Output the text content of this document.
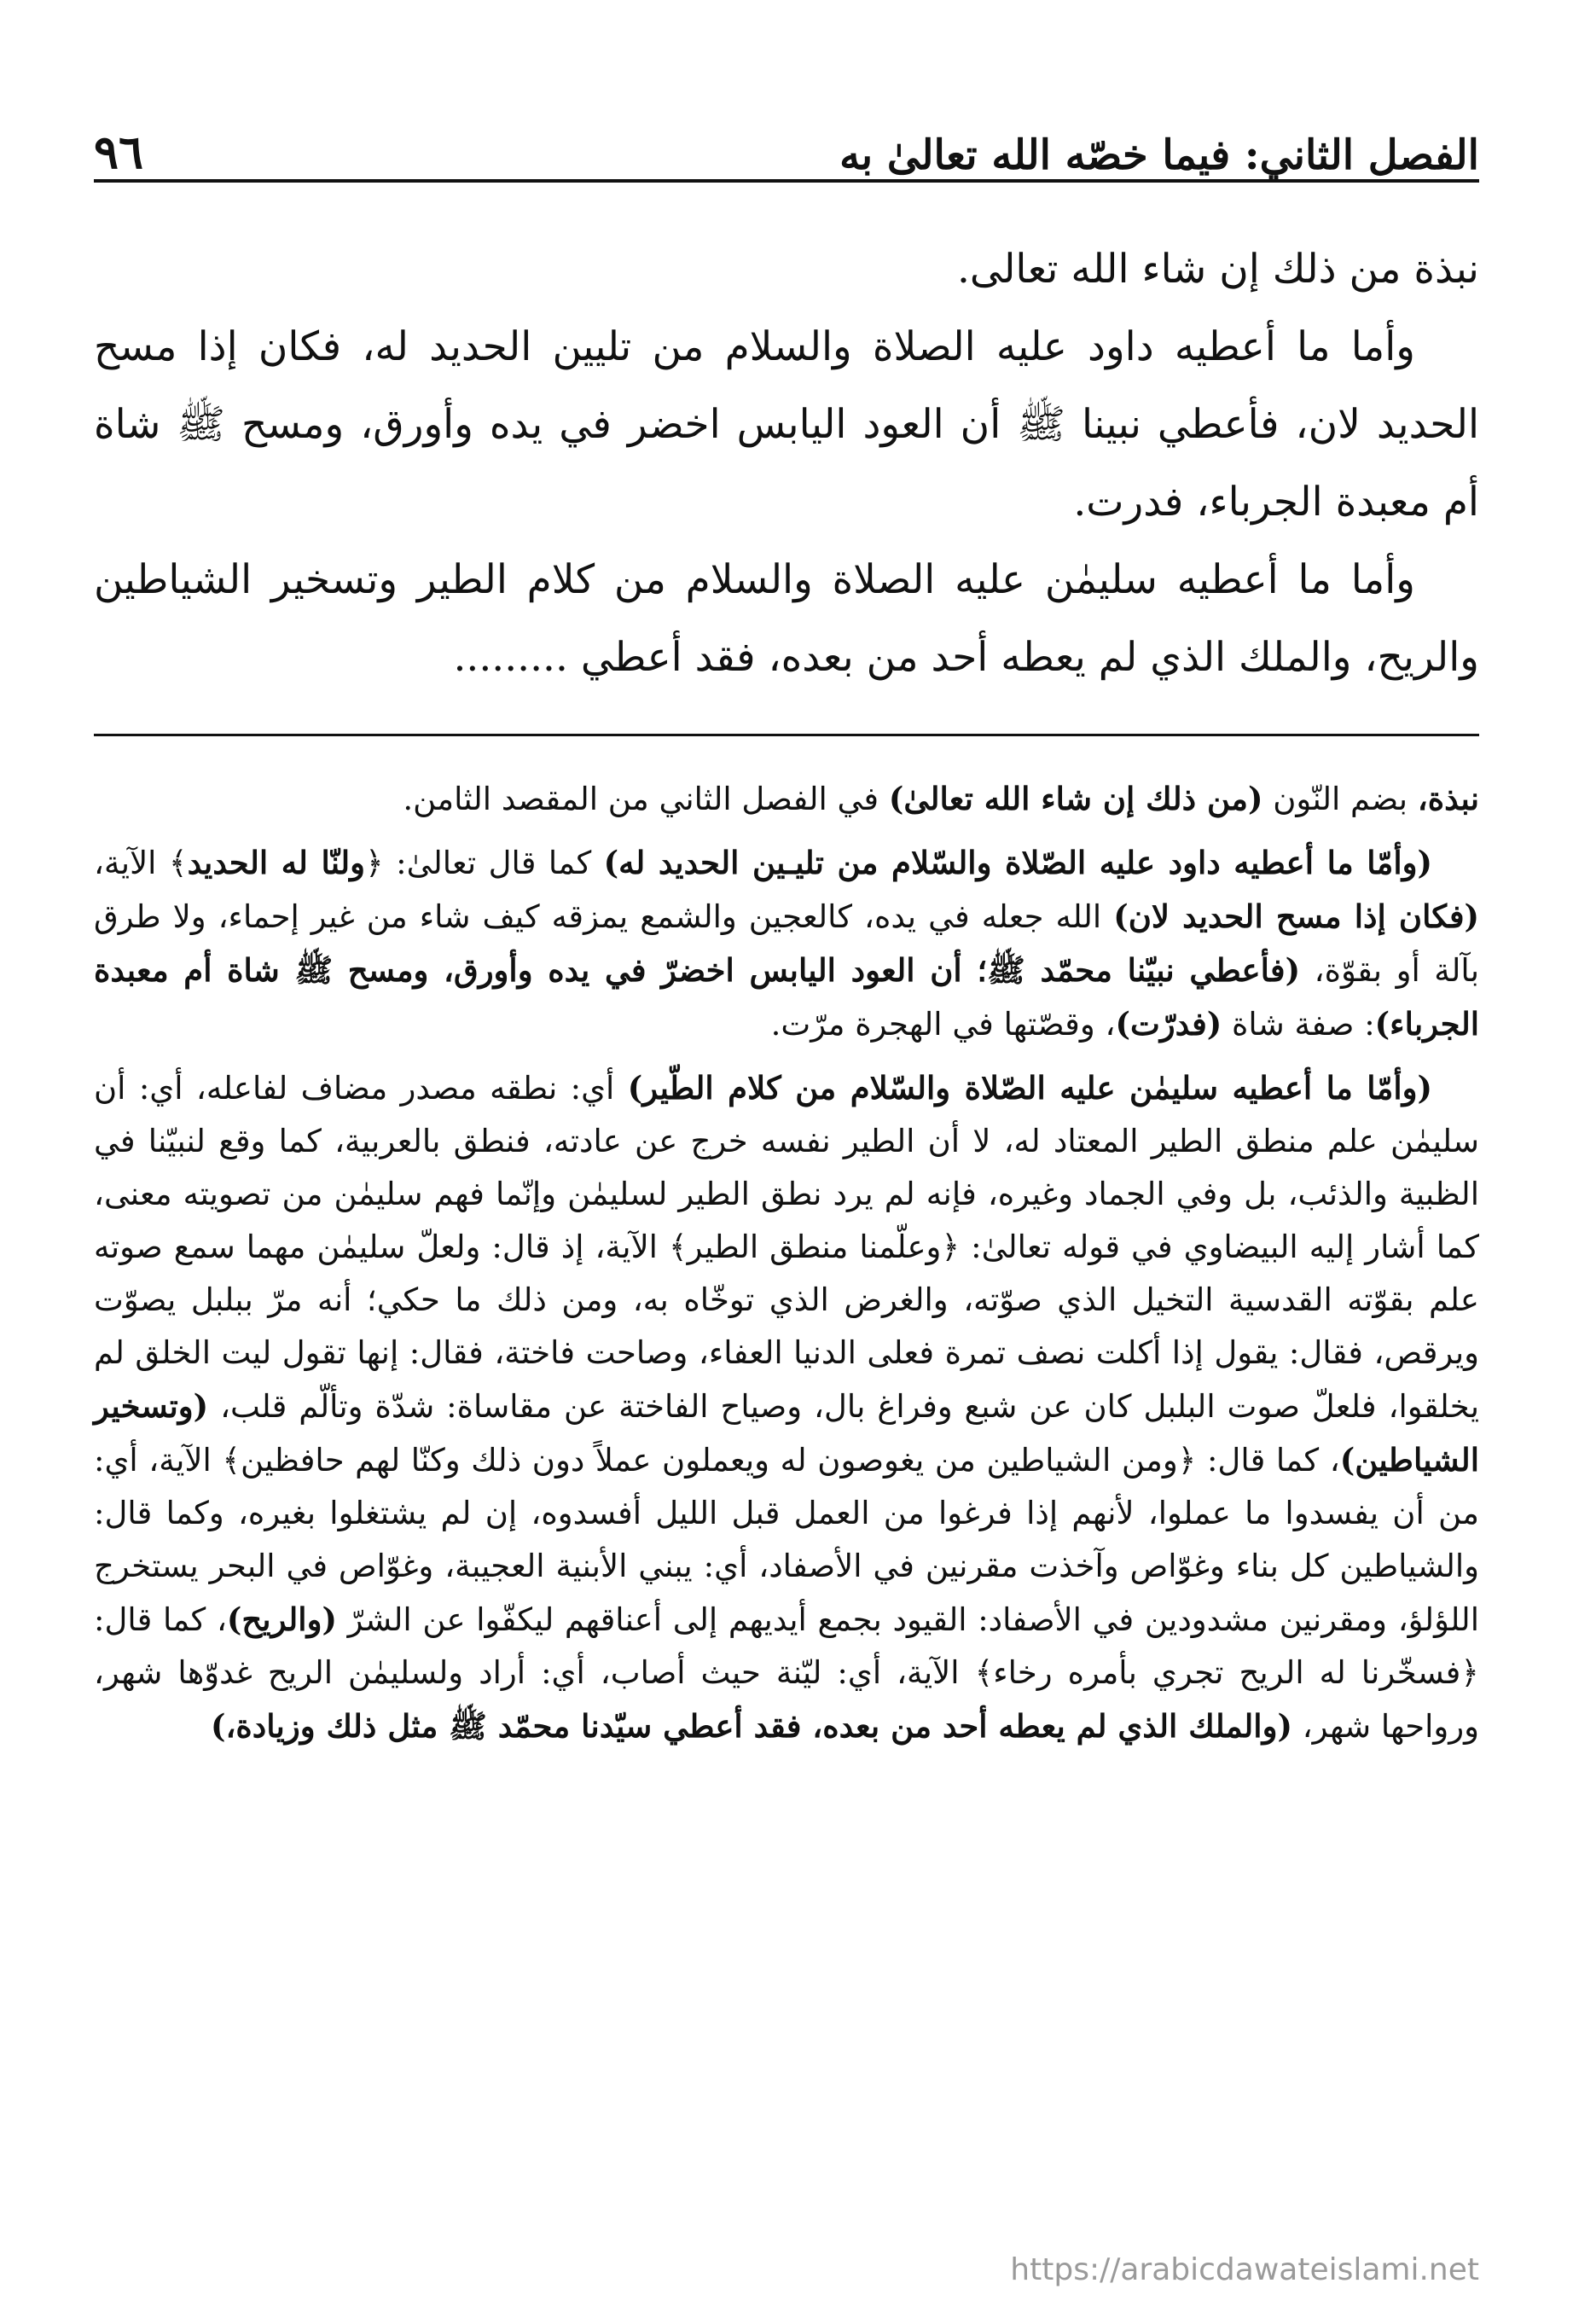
الفصل الثاني: فيما خصّه الله تعالىٰ به
٩٦

نبذة من ذلك إن شاء الله تعالى.

وأما ما أعطيه داود عليه الصلاة والسلام من تليين الحديد له، فكان إذا مسح الحديد لان، فأعطي نبينا ﷺ أن العود اليابس اخضر في يده وأورق، ومسح ﷺ شاة أم معبدة الجرباء، فدرت.

وأما ما أعطيه سليمٰن عليه الصلاة والسلام من كلام الطير وتسخير الشياطين والريح، والملك الذي لم يعطه أحد من بعده، فقد أعطي .........

نبذة، بضم النّون (من ذلك إن شاء الله تعالىٰ) في الفصل الثاني من المقصد الثامن.

(وأمّا ما أعطيه داود عليه الصّلاة والسّلام من تليـين الحديد له) كما قال تعالىٰ: ﴿ولنّا له الحديد﴾ الآية، (فكان إذا مسح الحديد لان) الله جعله في يده، كالعجين والشمع يمزقه كيف شاء من غير إحماء، ولا طرق بآلة أو بقوّة، (فأعطي نبيّنا محمّد ﷺ؛ أن العود اليابس اخضرّ في يده وأورق، ومسح ﷺ شاة أم معبدة الجرباء): صفة شاة (فدرّت)، وقصّتها في الهجرة مرّت.

(وأمّا ما أعطيه سليمٰن عليه الصّلاة والسّلام من كلام الطّير) أي: نطقه مصدر مضاف لفاعله، أي: أن سليمٰن علم منطق الطير المعتاد له، لا أن الطير نفسه خرج عن عادته، فنطق بالعربية، كما وقع لنبيّنا في الظبية والذئب، بل وفي الجماد وغيره، فإنه لم يرد نطق الطير لسليمٰن وإنّما فهم سليمٰن من تصويته معنى، كما أشار إليه البيضاوي في قوله تعالىٰ: ﴿وعلّمنا منطق الطير﴾ الآية، إذ قال: ولعلّ سليمٰن مهما سمع صوته علم بقوّته القدسية التخيل الذي صوّته، والغرض الذي توخّاه به، ومن ذلك ما حكي؛ أنه مرّ ببلبل يصوّت ويرقص، فقال: يقول إذا أكلت نصف تمرة فعلى الدنيا العفاء، وصاحت فاختة، فقال: إنها تقول ليت الخلق لم يخلقوا، فلعلّ صوت البلبل كان عن شبع وفراغ بال، وصياح الفاختة عن مقاساة: شدّة وتألّم قلب، (وتسخير الشياطين)، كما قال: ﴿ومن الشياطين من يغوصون له ويعملون عملاً دون ذلك وكنّا لهم حافظين﴾ الآية، أي: من أن يفسدوا ما عملوا، لأنهم إذا فرغوا من العمل قبل الليل أفسدوه، إن لم يشتغلوا بغيره، وكما قال: والشياطين كل بناء وغوّاص وآخذت مقرنين في الأصفاد، أي: يبني الأبنية العجيبة، وغوّاص في البحر يستخرج اللؤلؤ، ومقرنين مشدودين في الأصفاد: القيود بجمع أيديهم إلى أعناقهم ليكفّوا عن الشرّ (والريح)، كما قال: ﴿فسخّرنا له الريح تجري بأمره رخاء﴾ الآية، أي: ليّنة حيث أصاب، أي: أراد ولسليمٰن الريح غدوّها شهر، ورواحها شهر، (والملك الذي لم يعطه أحد من بعده، فقد أعطي سيّدنا محمّد ﷺ مثل ذلك وزيادة،)

https://arabicdawateislami.net
